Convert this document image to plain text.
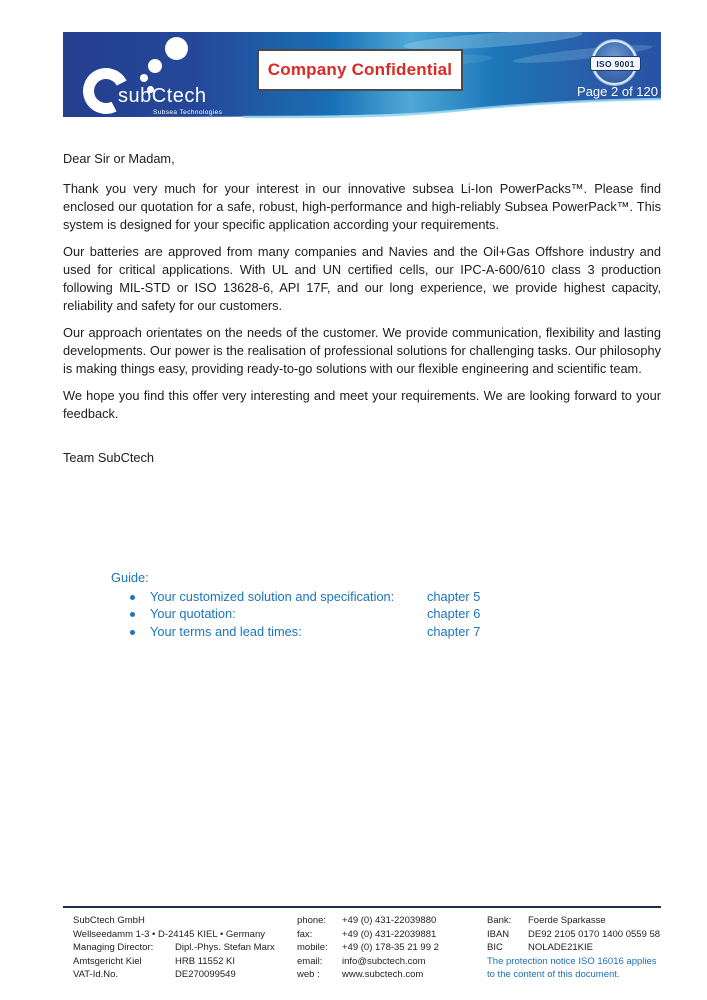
subCtech
Subsea Technologies
Company Confidential	ISO 9001
Page 2 of 120

Dear Sir or Madam,

Thank you very much for your interest in our innovative subsea Li-Ion PowerPacks™. Please find enclosed our quotation for a safe, robust, high-performance and high-reliably Subsea PowerPack™. This system is designed for your specific application according your requirements.

Our batteries are approved from many companies and Navies and the Oil+Gas Offshore industry and used for critical applications. With UL and UN certified cells, our IPC-A-600/610 class 3 production following MIL-STD or ISO 13628-6, API 17F, and our long experience, we provide highest capacity, reliability and safety for our customers.

Our approach orientates on the needs of the customer. We provide communication, flexibility and lasting developments. Our power is the realisation of professional solutions for challenging tasks. Our philosophy is making things easy, providing ready-to-go solutions with our flexible engineering and scientific team.

We hope you find this offer very interesting and meet your requirements. We are looking forward to your feedback.

Team SubCtech

Guide:
Your customized solution and specification:	chapter 5
Your quotation:	chapter 6
Your terms and lead times:	chapter 7
SubCtech GmbH
Wellseedamm 1-3 • D-24145 KIEL • Germany
Managing Director:	Dipl.-Phys. Stefan Marx
Amtsgericht Kiel	HRB 11552 KI
VAT-Id.No.	DE270099549
phone:	+49 (0) 431-22039880
fax:	+49 (0) 431-22039881
mobile:	+49 (0) 178-35 21 99 2
email:	info@subctech.com
web :	www.subctech.com
Bank:	Foerde Sparkasse
IBAN	DE92 2105 0170 1400 0559 58
BIC	NOLADE21KIE
The protection notice ISO 16016 applies to the content of this document.
